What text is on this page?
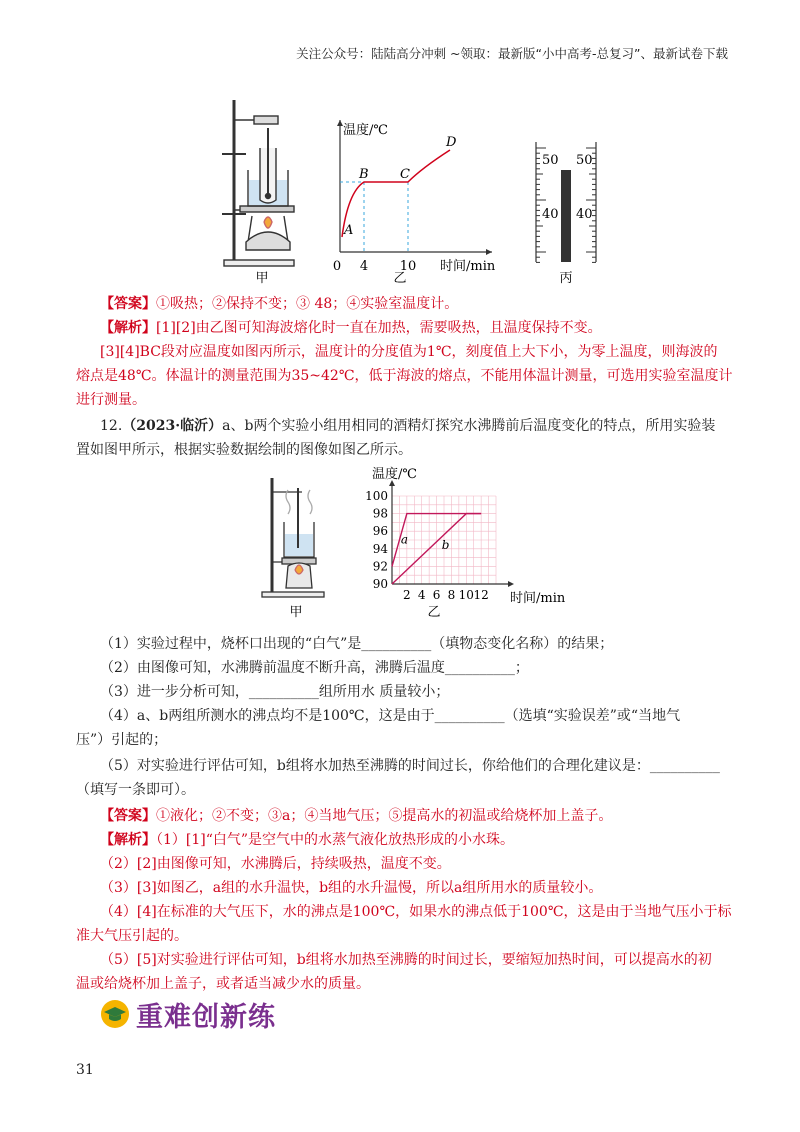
关注公众号：陆陆高分冲刺 ~领取：最新版“小中高考-总复习”、最新试卷下载
甲
温度/℃
时间/min
A
B C
D
0 4 10
乙
50 50
40 40
丙
【答案】①吸热；②保持不变；③ 48；④实验室温度计。
【解析】[1][2]由乙图可知海波熔化时一直在加热，需要吸热，且温度保持不变。
[3][4]BC段对应温度如图丙所示，温度计的分度值为1℃，刻度值上大下小，为零上温度，则海波的
熔点是48℃。体温计的测量范围为35~42℃，低于海波的熔点，不能用体温计测量，可选用实验室温度计
进行测量。
12.（2023·临沂）a、b两个实验小组用相同的酒精灯探究水沸腾前后温度变化的特点，所用实验装
置如图甲所示，根据实验数据绘制的图像如图乙所示。
甲
100
98
96
94
92
90
2 4 6 8 10 12
温度/℃
时间/min
a	b
乙
（1）实验过程中，烧杯口出现的“白气”是__________（填物态变化名称）的结果；
（2）由图像可知，水沸腾前温度不断升高，沸腾后温度__________；
（3）进一步分析可知，__________组所用水 质量较小；
（4）a、b两组所测水的沸点均不是100℃，这是由于__________（选填“实验误差”或“当地气
压”）引起的；
（5）对实验进行评估可知，b组将水加热至沸腾的时间过长，你给他们的合理化建议是：__________
（填写一条即可）。
【答案】①液化；②不变；③a；④当地气压；⑤提高水的初温或给烧杯加上盖子。
【解析】（1）[1]“白气”是空气中的水蒸气液化放热形成的小水珠。
（2）[2]由图像可知，水沸腾后，持续吸热，温度不变。
（3）[3]如图乙，a组的水升温快，b组的水升温慢，所以a组所用水的质量较小。
（4）[4]在标准的大气压下，水的沸点是100℃，如果水的沸点低于100℃，这是由于当地气压小于标
准大气压引起的。
（5）[5]对实验进行评估可知，b组将水加热至沸腾的时间过长，要缩短加热时间，可以提高水的初
温或给烧杯加上盖子，或者适当减少水的质量。
重难创新练
31
